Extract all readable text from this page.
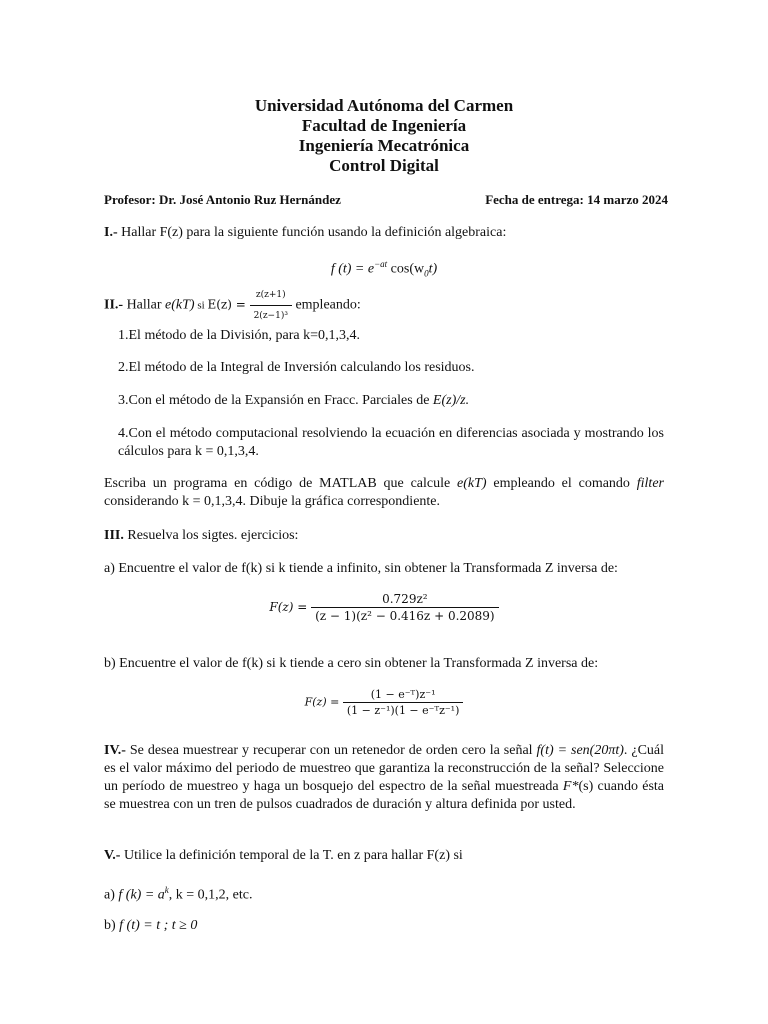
Universidad Autónoma del Carmen
Facultad de Ingeniería
Ingeniería Mecatrónica
Control Digital
Profesor: Dr. José Antonio Ruz Hernández	Fecha de entrega: 14 marzo 2024
I.- Hallar F(z) para la siguiente función usando la definición algebraica:
f $(t) = e^{-at}$ $\cos(w_0t)$
II.- Hallar e(kT) si $E(z) = \frac{z(z+1)}{\text{2(z−1)³}}$ empleando:
1.El método de la División, para k=0,1,3,4.
2.El método de la Integral de Inversión calculando los residuos.
3.Con el método de la Expansión en Fracc. Parciales de E(z)/z.
4.Con el método computacional resolviendo la ecuación en diferencias asociada y mostrando los cálculos para k = 0,1,3,4.
Escriba un programa en código de MATLAB que calcule e(kT) empleando el comando filter considerando k = 0,1,3,4. Dibuje la gráfica correspondiente.
III. Resuelva los sigtes. ejercicios:
a) Encuentre el valor de f(k) si k tiende a infinito, sin obtener la Transformada Z inversa de:
$F(z) = \frac{\text{0.729z²}}{\text{(z − 1)(z² − 0.416z + 0.2089)}}$
b) Encuentre el valor de f(k) si k tiende a cero sin obtener la Transformada Z inversa de:
$F(z) = \frac{\text{(1 − e⁻ᵀ)z⁻¹}}{\text{(1 − z⁻¹)(1 − e⁻ᵀz⁻¹)}}$
IV.- Se desea muestrear y recuperar con un retenedor de orden cero la señal f(t) = sen(20πt). ¿Cuál es el valor máximo del periodo de muestreo que garantiza la reconstrucción de la señal? Seleccione un período de muestreo y haga un bosquejo del espectro de la señal muestreada F*(s) cuando ésta se muestrea con un tren de pulsos cuadrados de duración y altura definida por usted.
V.- Utilice la definición temporal de la T. en z para hallar F(z) si
a) f $(k) = a^k$, k = 0,1,2, etc.
b) f (t) = t ; t ≥ 0
